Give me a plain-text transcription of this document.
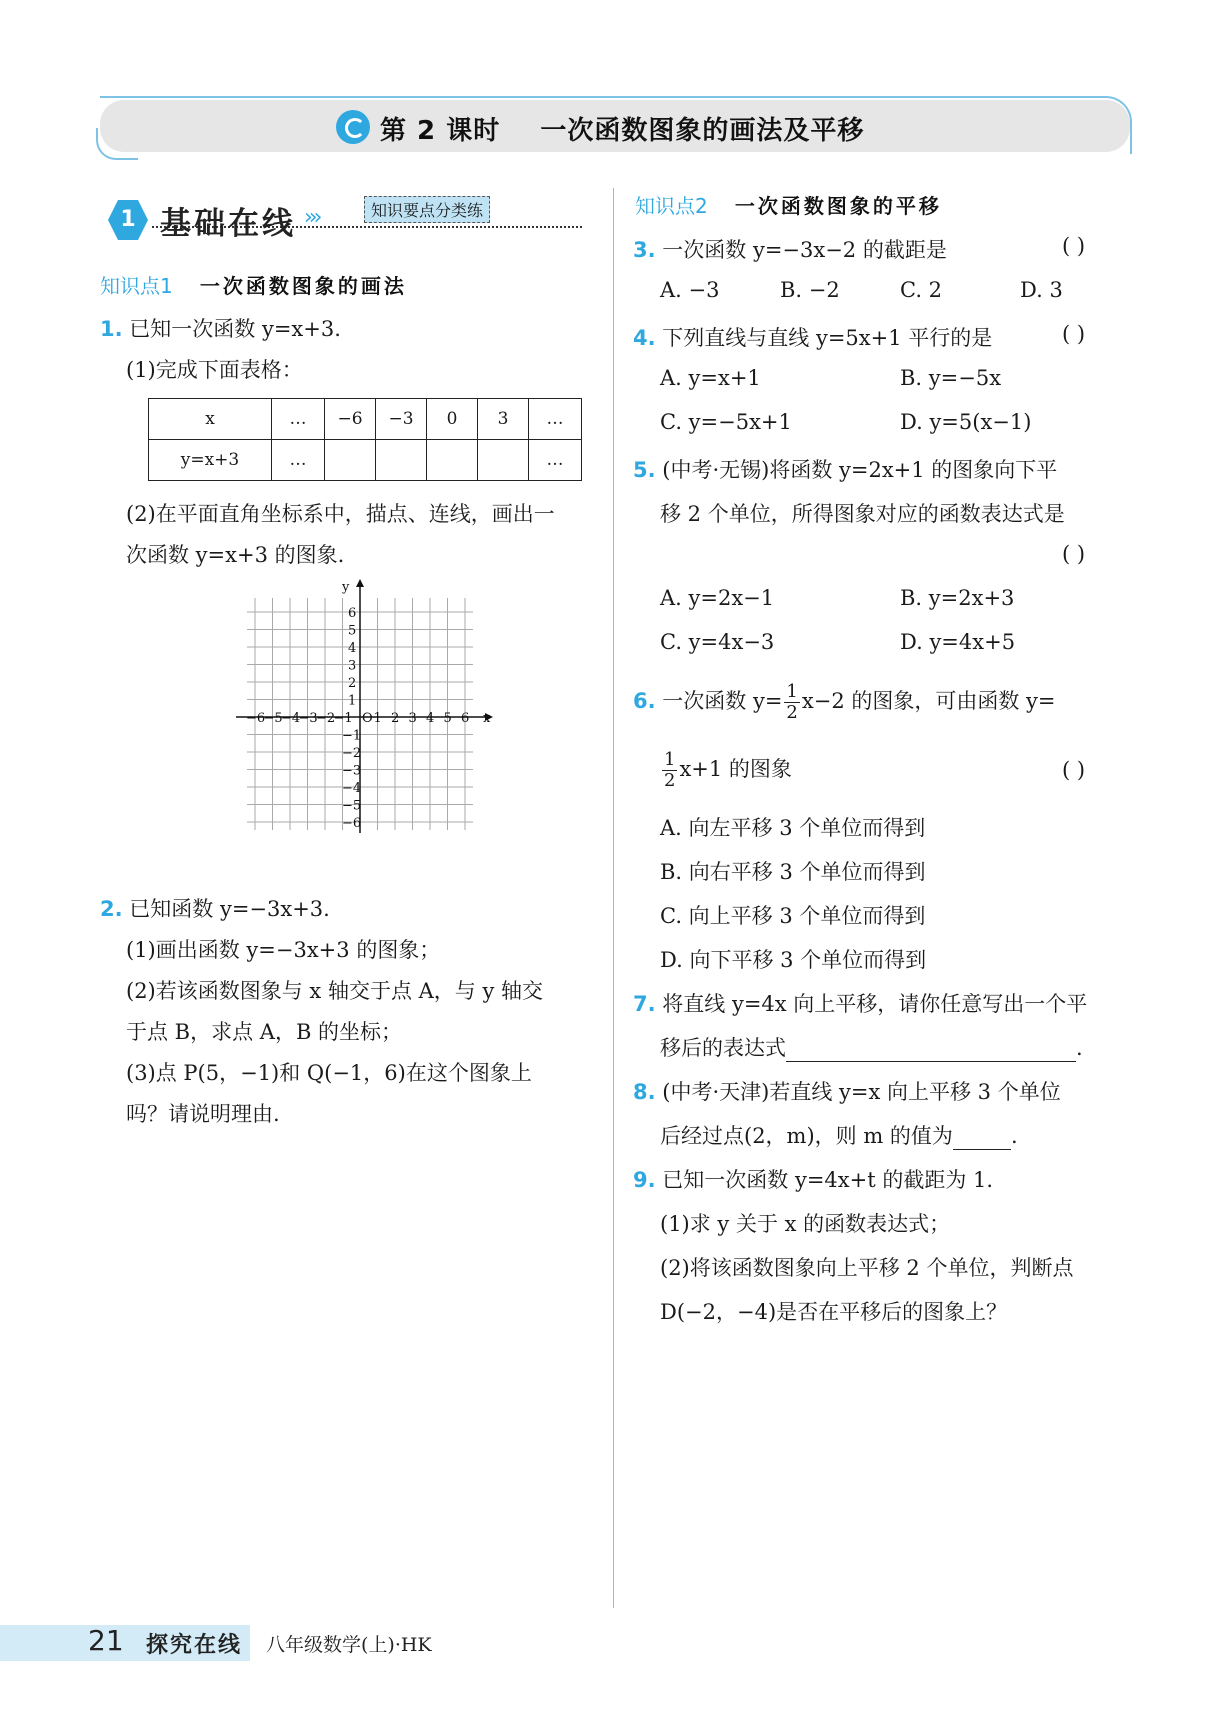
第 2 课时    一次函数图象的画法及平移
1 基础在线 ›››	知识要点分类练
知识点1 一次函数图象的画法
1. 已知一次函数 y=x+3.
(1)完成下面表格：
x	…	−6	−3	0	3	…
y=x+3	…					…
(2)在平面直角坐标系中，描点、连线，画出一
次函数 y=x+3 的图象.
−6
−5
−4
−3
−2
−1 1 2 3 4 5 6
6
5
4
3
2
1
−1
−2
−3
−4
−5
−6
O	x
y
2. 已知函数 y=−3x+3.
(1)画出函数 y=−3x+3 的图象；
(2)若该函数图象与 x 轴交于点 A，与 y 轴交
于点 B，求点 A，B 的坐标；
(3)点 P(5，−1)和 Q(−1，6)在这个图象上
吗？请说明理由.
知识点2 一次函数图象的平移
3. 一次函数 y=−3x−2 的截距是	( )
A. −3	B. −2	C. 2	D. 3
4. 下列直线与直线 y=5x+1 平行的是	( )
A. y=x+1	B. y=−5x
C. y=−5x+1	D. y=5(x−1)
5. (中考·无锡)将函数 y=2x+1 的图象向下平
移 2 个单位，所得图象对应的函数表达式是
( )
A. y=2x−1	B. y=2x+3
C. y=4x−3	D. y=4x+5
6. 一次函数 $y= \frac{1}{2} x-2$ 的图象，可由函数 y=
$\frac{1}{2} x+1$ 的图象	( )
A. 向左平移 3 个单位而得到
B. 向右平移 3 个单位而得到
C. 向上平移 3 个单位而得到
D. 向下平移 3 个单位而得到
7. 将直线 y=4x 向上平移，请你任意写出一个平
移后的表达式	.
8. (中考·天津)若直线 y=x 向上平移 3 个单位
后经过点(2，m)，则 m 的值为	.
9. 已知一次函数 y=4x+t 的截距为 1.
(1)求 y 关于 x 的函数表达式；
(2)将该函数图象向上平移 2 个单位，判断点
D(−2，−4)是否在平移后的图象上？
21 探究在线 八年级数学(上)·HK
